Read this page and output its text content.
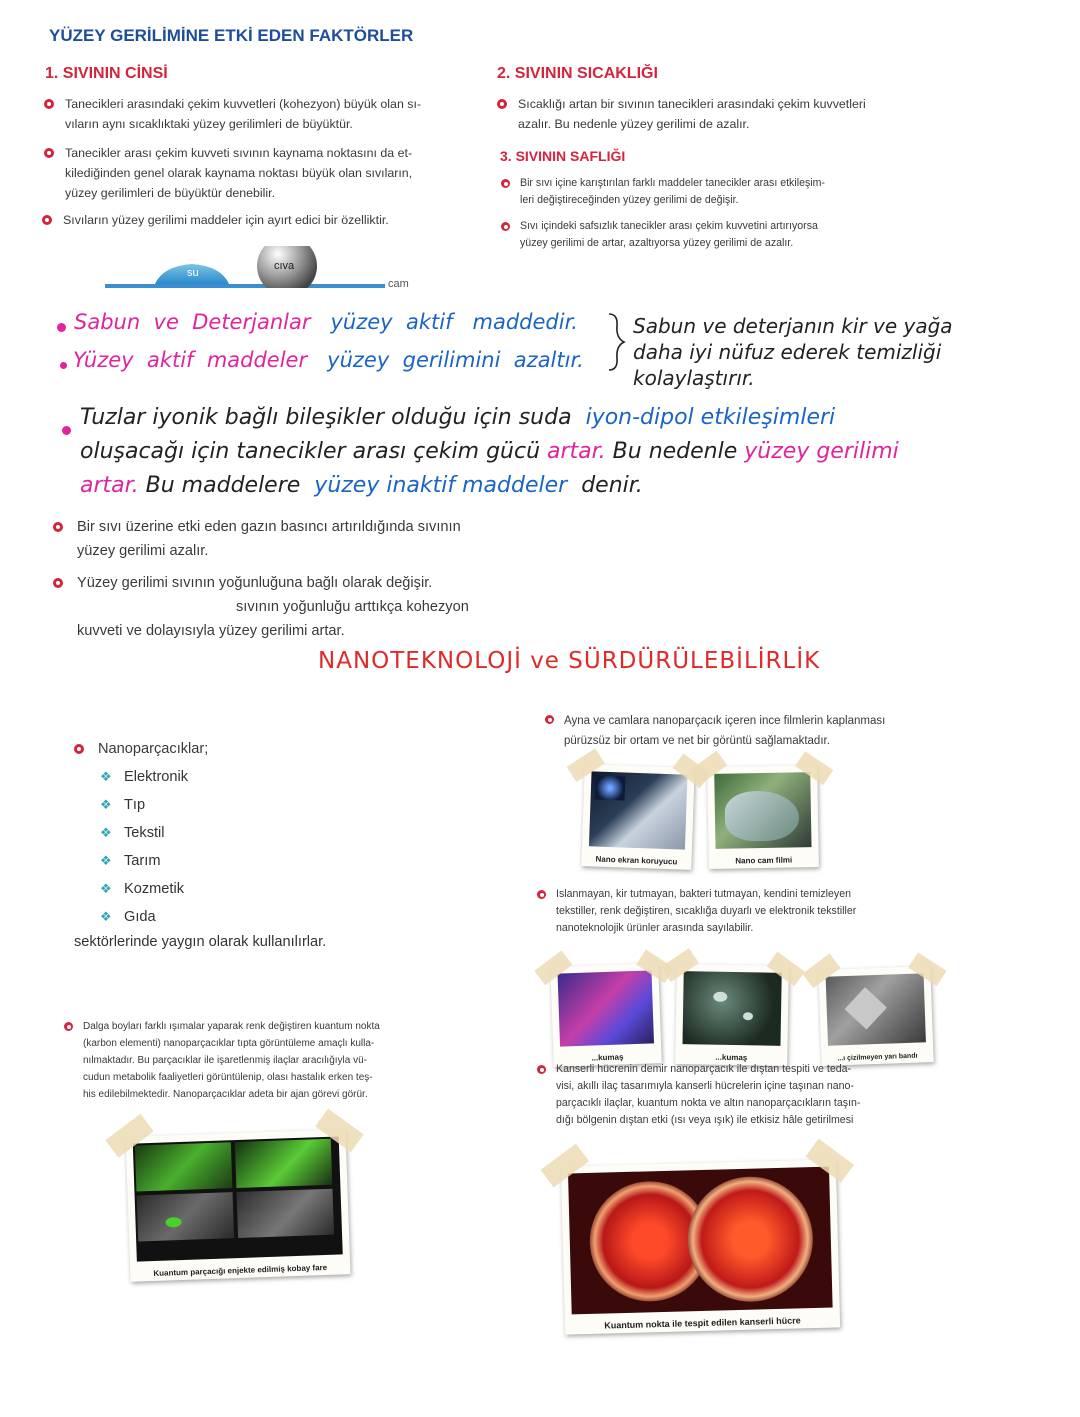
YÜZEY GERİLİMİNE ETKİ EDEN FAKTÖRLER
1. SIVININ CİNSİ
Tanecikleri arasındaki çekim kuvvetleri (kohezyon) büyük olan sı-
vıların aynı sıcaklıktaki yüzey gerilimleri de büyüktür.
Tanecikler arası çekim kuvveti sıvının kaynama noktasını da et-
kilediğinden genel olarak kaynama noktası büyük olan sıvıların,
yüzey gerilimleri de büyüktür denebilir.
Sıvıların yüzey gerilimi maddeler için ayırt edici bir özelliktir.
su
cıva
cam
2. SIVININ SICAKLIĞI
Sıcaklığı artan bir sıvının tanecikleri arasındaki çekim kuvvetleri
azalır. Bu nedenle yüzey gerilimi de azalır.
3. SIVININ SAFLIĞI
Bir sıvı içine karıştırılan farklı maddeler tanecikler arası etkileşim-
leri değiştireceğinden yüzey gerilimi de değişir.
Sıvı içindeki safsızlık tanecikler arası çekim kuvvetini artırıyorsa
yüzey gerilimi de artar, azaltıyorsa yüzey gerilimi de azalır.
Sabun ve Deterjanlar yüzey aktif maddedir.
Yüzey aktif maddeler yüzey gerilimini azaltır.
Sabun ve deterjanın kir ve yağa
daha iyi nüfuz ederek temizliği
kolaylaştırır.
Tuzlar iyonik bağlı bileşikler olduğu için suda iyon-dipol etkileşimleri
oluşacağı için tanecikler arası çekim gücü artar. Bu nedenle yüzey gerilimi
artar. Bu maddelere yüzey inaktif maddeler denir.
Bir sıvı üzerine etki eden gazın basıncı artırıldığında sıvının
yüzey gerilimi azalır.
Yüzey gerilimi sıvının yoğunluğuna bağlı olarak değişir.
sıvının yoğunluğu arttıkça kohezyon
kuvveti ve dolayısıyla yüzey gerilimi artar.
NANOTEKNOLOJİ ve SÜRDÜRÜLEBİLİRLİK
Nanoparçacıklar;
❖ Elektronik
❖ Tıp
❖ Tekstil
❖ Tarım
❖ Kozmetik
❖ Gıda
sektörlerinde yaygın olarak kullanılırlar.
Dalga boyları farklı ışımalar yaparak renk değiştiren kuantum nokta
(karbon elementi) nanoparçacıklar tıpta görüntüleme amaçlı kulla-
nılmaktadır. Bu parçacıklar ile işaretlenmiş ilaçlar aracılığıyla vü-
cudun metabolik faaliyetleri görüntülenip, olası hastalık erken teş-
his edilebilmektedir. Nanoparçacıklar adeta bir ajan görevi görür.
Kuantum parçacığı enjekte edilmiş kobay fare
Ayna ve camlara nanoparçacık içeren ince filmlerin kaplanması
pürüzsüz bir ortam ve net bir görüntü sağlamaktadır.
Nano ekran koruyucu	Nano cam filmi
Islanmayan, kir tutmayan, bakteri tutmayan, kendini temizleyen
tekstiller, renk değiştiren, sıcaklığa duyarlı ve elektronik tekstiller
nanoteknolojik ürünler arasında sayılabilir.
...kumaş	...kumaş	...ı çizilmeyen yarı bandı
Kanserli hücrenin demir nanoparçacık ile dıştan tespiti ve teda-
visi, akıllı ilaç tasarımıyla kanserli hücrelerin içine taşınan nano-
parçacıklı ilaçlar, kuantum nokta ve altın nanoparçacıkların taşın-
dığı bölgenin dıştan etki (ısı veya ışık) ile etkisiz hâle getirilmesi
Kuantum nokta ile tespit edilen kanserli hücre
